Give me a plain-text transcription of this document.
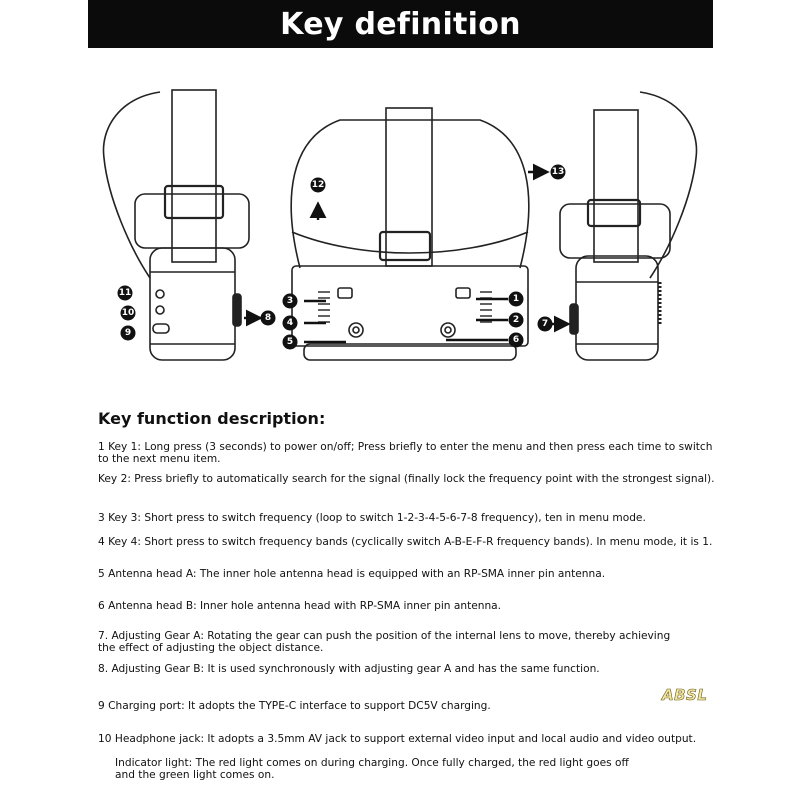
Key definition
11
10
9
8
3
4
5
1
2
6
7
12
13
Key function description:

1 Key 1: Long press (3 seconds) to power on/off; Press briefly to enter the menu and then press each time to switch
to the next menu item.

Key 2: Press briefly to automatically search for the signal (finally lock the frequency point with the strongest signal).

3 Key 3: Short press to switch frequency (loop to switch 1-2-3-4-5-6-7-8 frequency), ten in menu mode.

4 Key 4: Short press to switch frequency bands (cyclically switch A-B-E-F-R frequency bands). In menu mode, it is 1.

5 Antenna head A: The inner hole antenna head is equipped with an RP-SMA inner pin antenna.

6 Antenna head B: Inner hole antenna head with RP-SMA inner pin antenna.

7. Adjusting Gear A: Rotating the gear can push the position of the internal lens to move, thereby achieving
the effect of adjusting the object distance.

8. Adjusting Gear B: It is used synchronously with adjusting gear A and has the same function.

9 Charging port: It adopts the TYPE-C interface to support DC5V charging.

10 Headphone jack: It adopts a 3.5mm AV jack to support external video input and local audio and video output.

Indicator light: The red light comes on during charging. Once fully charged, the red light goes off
and the green light comes on.

ABSL
